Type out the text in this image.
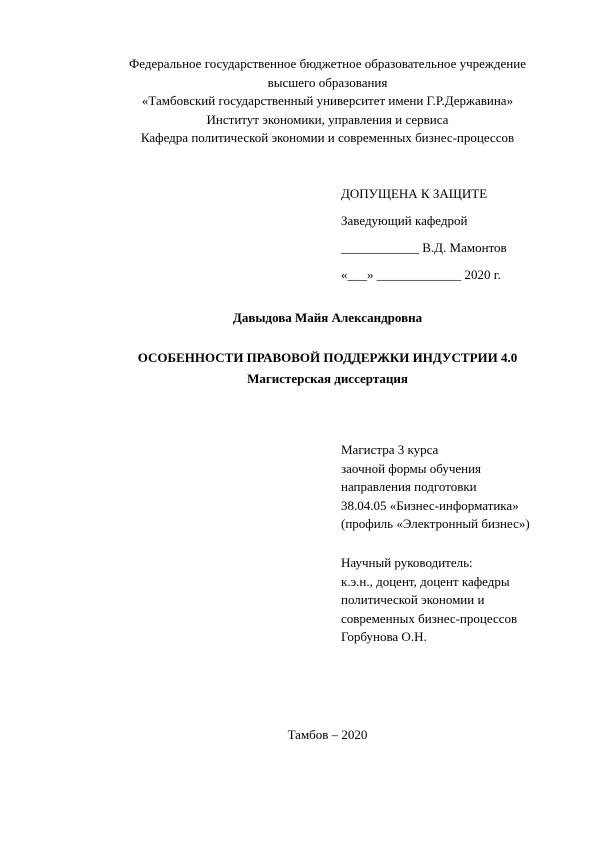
Федеральное государственное бюджетное образовательное учреждение
высшего образования
«Тамбовский государственный университет имени Г.Р.Державина»
Институт экономики, управления и сервиса
Кафедра политической экономии и современных бизнес-процессов
ДОПУЩЕНА К ЗАЩИТЕ
Заведующий кафедрой
____________ В.Д. Мамонтов
«___» _____________ 2020 г.
Давыдова Майя Александровна
ОСОБЕННОСТИ ПРАВОВОЙ ПОДДЕРЖКИ ИНДУСТРИИ 4.0
Магистерская диссертация
Магистра 3 курса
заочной формы обучения
направления подготовки
38.04.05 «Бизнес-информатика»
(профиль «Электронный бизнес»)
Научный руководитель:
к.э.н., доцент, доцент кафедры
политической экономии и
современных бизнес-процессов
Горбунова О.Н.
Тамбов – 2020
